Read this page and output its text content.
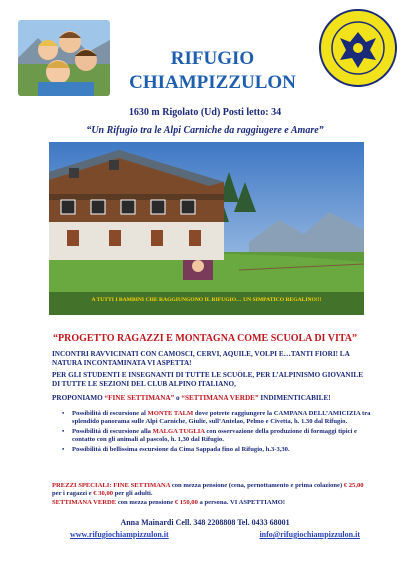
RIFUGIO
CHIAMPIZZULON
1630 m Rigolato (Ud) Posti letto: 34
“Un Rifugio tra le Alpi Carniche da raggiugere e Amare”
A TUTTI I BAMBINI CHE RAGGIUNGONO IL RIFUGIO… UN SIMPATICO REGALINO!!!
“PROGETTO RAGAZZI E MONTAGNA COME SCUOLA DI VITA”
INCONTRI RAVVICINATI CON CAMOSCI, CERVI, AQUILE, VOLPI E…TANTI FIORI! LA NATURA INCONTAMINATA VI ASPETTA!
PER GLI STUDENTI E INSEGNANTI DI TUTTE LE SCUOLE, PER L’ALPINISMO GIOVANILE DI TUTTE LE SEZIONI DEL CLUB ALPINO ITALIANO,
PROPONIAMO “FINE SETTIMANA” o “SETTIMANA VERDE” INDIMENTICABILE!
• Possibilità di escursione al MONTE TALM dove potrete raggiungere la CAMPANA DELL’AMICIZIA tra splendido panorama sulle Alpi Carniche, Giulie, sull’Antelao, Pelmo e Civetta, h. 1.30 dal Rifugio.
• Possibilità di escursione alla MALGA TUGLIA con osservazione della produzione di formaggi tipici e contatto con gli animali al pascolo, h. 1,30 dal Rifugio.
• Possibilità di bellissima escursione da Cima Sappada fino al Rifugio, h.3-3,30.
PREZZI SPECIALI: FINE SETTIMANA con mezza pensione (cena, pernottamento e prima colazione) € 25,00 per i ragazzi e € 30,00 per gli adulti.
SETTIMANA VERDE con mezza pensione € 150,00 a persona. VI ASPETTIAMO!
Anna Mainardi Cell. 348 2208808 Tel. 0433 68001
www.rifugiochiampizzulon.it	info@rifugiochiampizzulon.it
